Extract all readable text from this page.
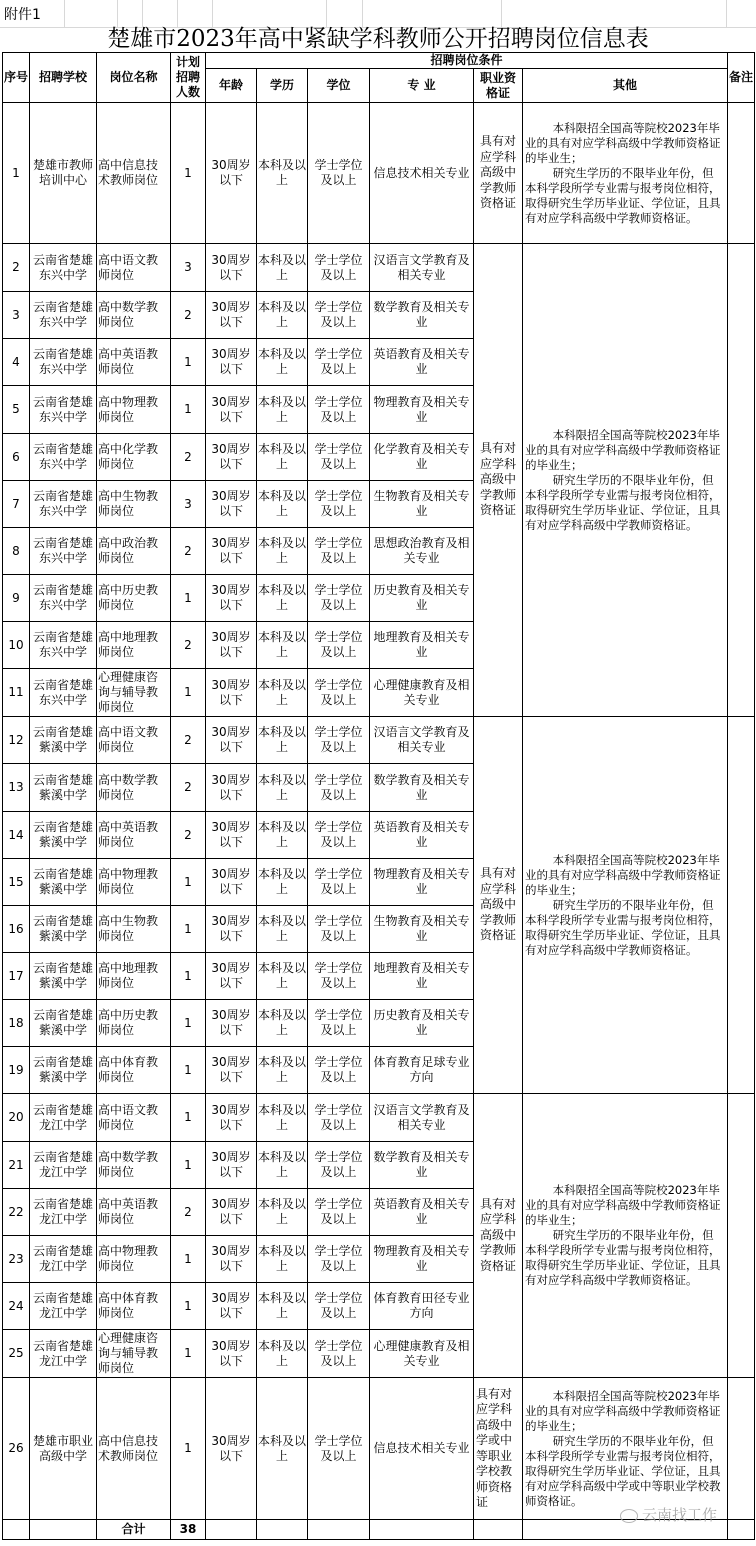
附件1
楚雄市2023年高中紧缺学科教师公开招聘岗位信息表
序号	招聘学校	岗位名称	计划招聘人数	招聘岗位条件						备注
				年龄	学历	学位	专 业	职业资格证	其他	
1	楚雄市教师培训中心	高中信息技术教师岗位	1	30周岁以下	本科及以上	学士学位及以上	信息技术相关专业	具有对应学科高级中学教师资格证	本科限招全国高等院校2023年毕业的具有对应学科高级中学教师资格证的毕业生；

研究生学历的不限毕业年份，但本科学段所学专业需与报考岗位相符，取得研究生学历毕业证、学位证，且具有对应学科高级中学教师资格证。	

2	云南省楚雄东兴中学	高中语文教师岗位	3	30周岁以下	本科及以上	学士学位及以上	汉语言文学教育及相关专业	具有对应学科高级中学教师资格证	本科限招全国高等院校2023年毕业的具有对应学科高级中学教师资格证的毕业生；

研究生学历的不限毕业年份，但本科学段所学专业需与报考岗位相符，取得研究生学历毕业证、学位证，且具有对应学科高级中学教师资格证。	

3	云南省楚雄东兴中学	高中数学教师岗位	2	30周岁以下	本科及以上	学士学位及以上	数学教育及相关专业			
4	云南省楚雄东兴中学	高中英语教师岗位	1	30周岁以下	本科及以上	学士学位及以上	英语教育及相关专业			
5	云南省楚雄东兴中学	高中物理教师岗位	1	30周岁以下	本科及以上	学士学位及以上	物理教育及相关专业			
6	云南省楚雄东兴中学	高中化学教师岗位	2	30周岁以下	本科及以上	学士学位及以上	化学教育及相关专业			
7	云南省楚雄东兴中学	高中生物教师岗位	3	30周岁以下	本科及以上	学士学位及以上	生物教育及相关专业			
8	云南省楚雄东兴中学	高中政治教师岗位	2	30周岁以下	本科及以上	学士学位及以上	思想政治教育及相关专业			
9	云南省楚雄东兴中学	高中历史教师岗位	1	30周岁以下	本科及以上	学士学位及以上	历史教育及相关专业			
10	云南省楚雄东兴中学	高中地理教师岗位	2	30周岁以下	本科及以上	学士学位及以上	地理教育及相关专业			
11	云南省楚雄东兴中学	心理健康咨询与辅导教师岗位	1	30周岁以下	本科及以上	学士学位及以上	心理健康教育及相关专业			
12	云南省楚雄紫溪中学	高中语文教师岗位	2	30周岁以下	本科及以上	学士学位及以上	汉语言文学教育及相关专业	具有对应学科高级中学教师资格证	本科限招全国高等院校2023年毕业的具有对应学科高级中学教师资格证的毕业生；

研究生学历的不限毕业年份，但本科学段所学专业需与报考岗位相符，取得研究生学历毕业证、学位证，且具有对应学科高级中学教师资格证。	

13	云南省楚雄紫溪中学	高中数学教师岗位	2	30周岁以下	本科及以上	学士学位及以上	数学教育及相关专业			
14	云南省楚雄紫溪中学	高中英语教师岗位	2	30周岁以下	本科及以上	学士学位及以上	英语教育及相关专业			
15	云南省楚雄紫溪中学	高中物理教师岗位	1	30周岁以下	本科及以上	学士学位及以上	物理教育及相关专业			
16	云南省楚雄紫溪中学	高中生物教师岗位	1	30周岁以下	本科及以上	学士学位及以上	生物教育及相关专业			
17	云南省楚雄紫溪中学	高中地理教师岗位	1	30周岁以下	本科及以上	学士学位及以上	地理教育及相关专业			
18	云南省楚雄紫溪中学	高中历史教师岗位	1	30周岁以下	本科及以上	学士学位及以上	历史教育及相关专业			
19	云南省楚雄紫溪中学	高中体育教师岗位	1	30周岁以下	本科及以上	学士学位及以上	体育教育足球专业方向			
20	云南省楚雄龙江中学	高中语文教师岗位	1	30周岁以下	本科及以上	学士学位及以上	汉语言文学教育及相关专业	具有对应学科高级中学教师资格证	本科限招全国高等院校2023年毕业的具有对应学科高级中学教师资格证的毕业生；

研究生学历的不限毕业年份，但本科学段所学专业需与报考岗位相符，取得研究生学历毕业证、学位证，且具有对应学科高级中学教师资格证。	

21	云南省楚雄龙江中学	高中数学教师岗位	1	30周岁以下	本科及以上	学士学位及以上	数学教育及相关专业			
22	云南省楚雄龙江中学	高中英语教师岗位	2	30周岁以下	本科及以上	学士学位及以上	英语教育及相关专业			
23	云南省楚雄龙江中学	高中物理教师岗位	1	30周岁以下	本科及以上	学士学位及以上	物理教育及相关专业			
24	云南省楚雄龙江中学	高中体育教师岗位	1	30周岁以下	本科及以上	学士学位及以上	体育教育田径专业方向			
25	云南省楚雄龙江中学	心理健康咨询与辅导教师岗位	1	30周岁以下	本科及以上	学士学位及以上	心理健康教育及相关专业			
26	楚雄市职业高级中学	高中信息技术教师岗位	1	30周岁以下	本科及以上	学士学位及以上	信息技术相关专业	具有对应学科高级中学或中等职业学校教师资格证	本科限招全国高等院校2023年毕业的具有对应学科高级中学教师资格证的毕业生；

研究生学历的不限毕业年份，但本科学段所学专业需与报考岗位相符，取得研究生学历毕业证、学位证，且具有对应学科高级中学或中等职业学校教师资格证。	

		合计	38							
云南找工作
